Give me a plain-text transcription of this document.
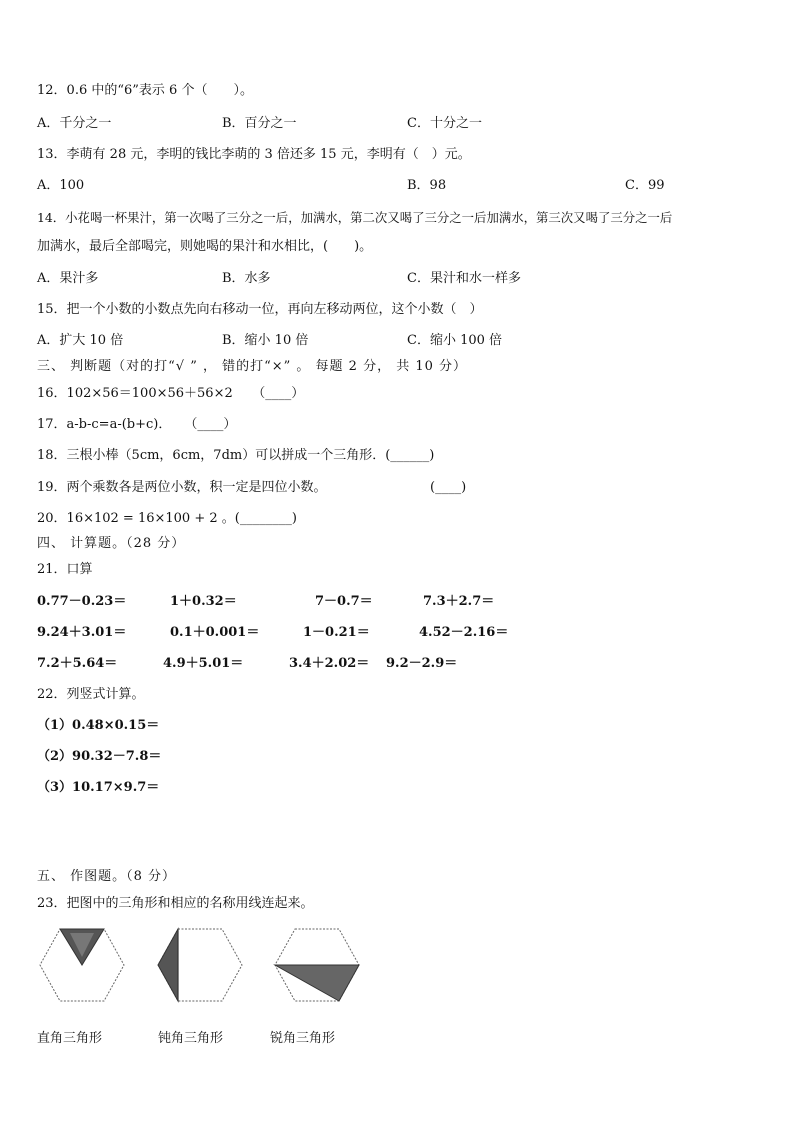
12．0.6 中的“6”表示 6 个（　　）。
A．千分之一	B．百分之一	C．十分之一
13．李萌有 28 元，李明的钱比李萌的 3 倍还多 15 元，李明有（　）元。
A．100	B．98	C．99
14．小花喝一杯果汁，第一次喝了三分之一后，加满水，第二次又喝了三分之一后加满水，第三次又喝了三分之一后
加满水，最后全部喝完，则她喝的果汁和水相比，(　　)。
A．果汁多	B．水多	C．果汁和水一样多
15．把一个小数的小数点先向右移动一位，再向左移动两位，这个小数（　）
A．扩大 10 倍	B．缩小 10 倍	C．缩小 100 倍
三、 判断题（对的打“√ ” ， 错的打“×” 。 每题 2 分， 共 10 分）
16．102×56＝100×56＋56×2　　（____）
17．a-b-c=a-(b+c)．　　（____）
18．三根小棒（5cm，6cm，7dm）可以拼成一个三角形．(______)
19．两个乘数各是两位小数，积一定是四位小数。	(____)
20．16×102 = 16×100 + 2 。(________)
四、 计算题。（28 分）
21．口算
0.77－0.23＝	1＋0.32＝	7－0.7＝	7.3＋2.7＝
9.24＋3.01＝	0.1＋0.001＝	1－0.21＝	4.52－2.16＝
7.2＋5.64＝	4.9＋5.01＝	3.4＋2.02＝ 9.2－2.9＝
22．列竖式计算。
（1）0.48×0.15＝
（2）90.32－7.8＝
（3）10.17×9.7＝
五、 作图题。（8 分）
23．把图中的三角形和相应的名称用线连起来。
直角三角形	钝角三角形	锐角三角形
